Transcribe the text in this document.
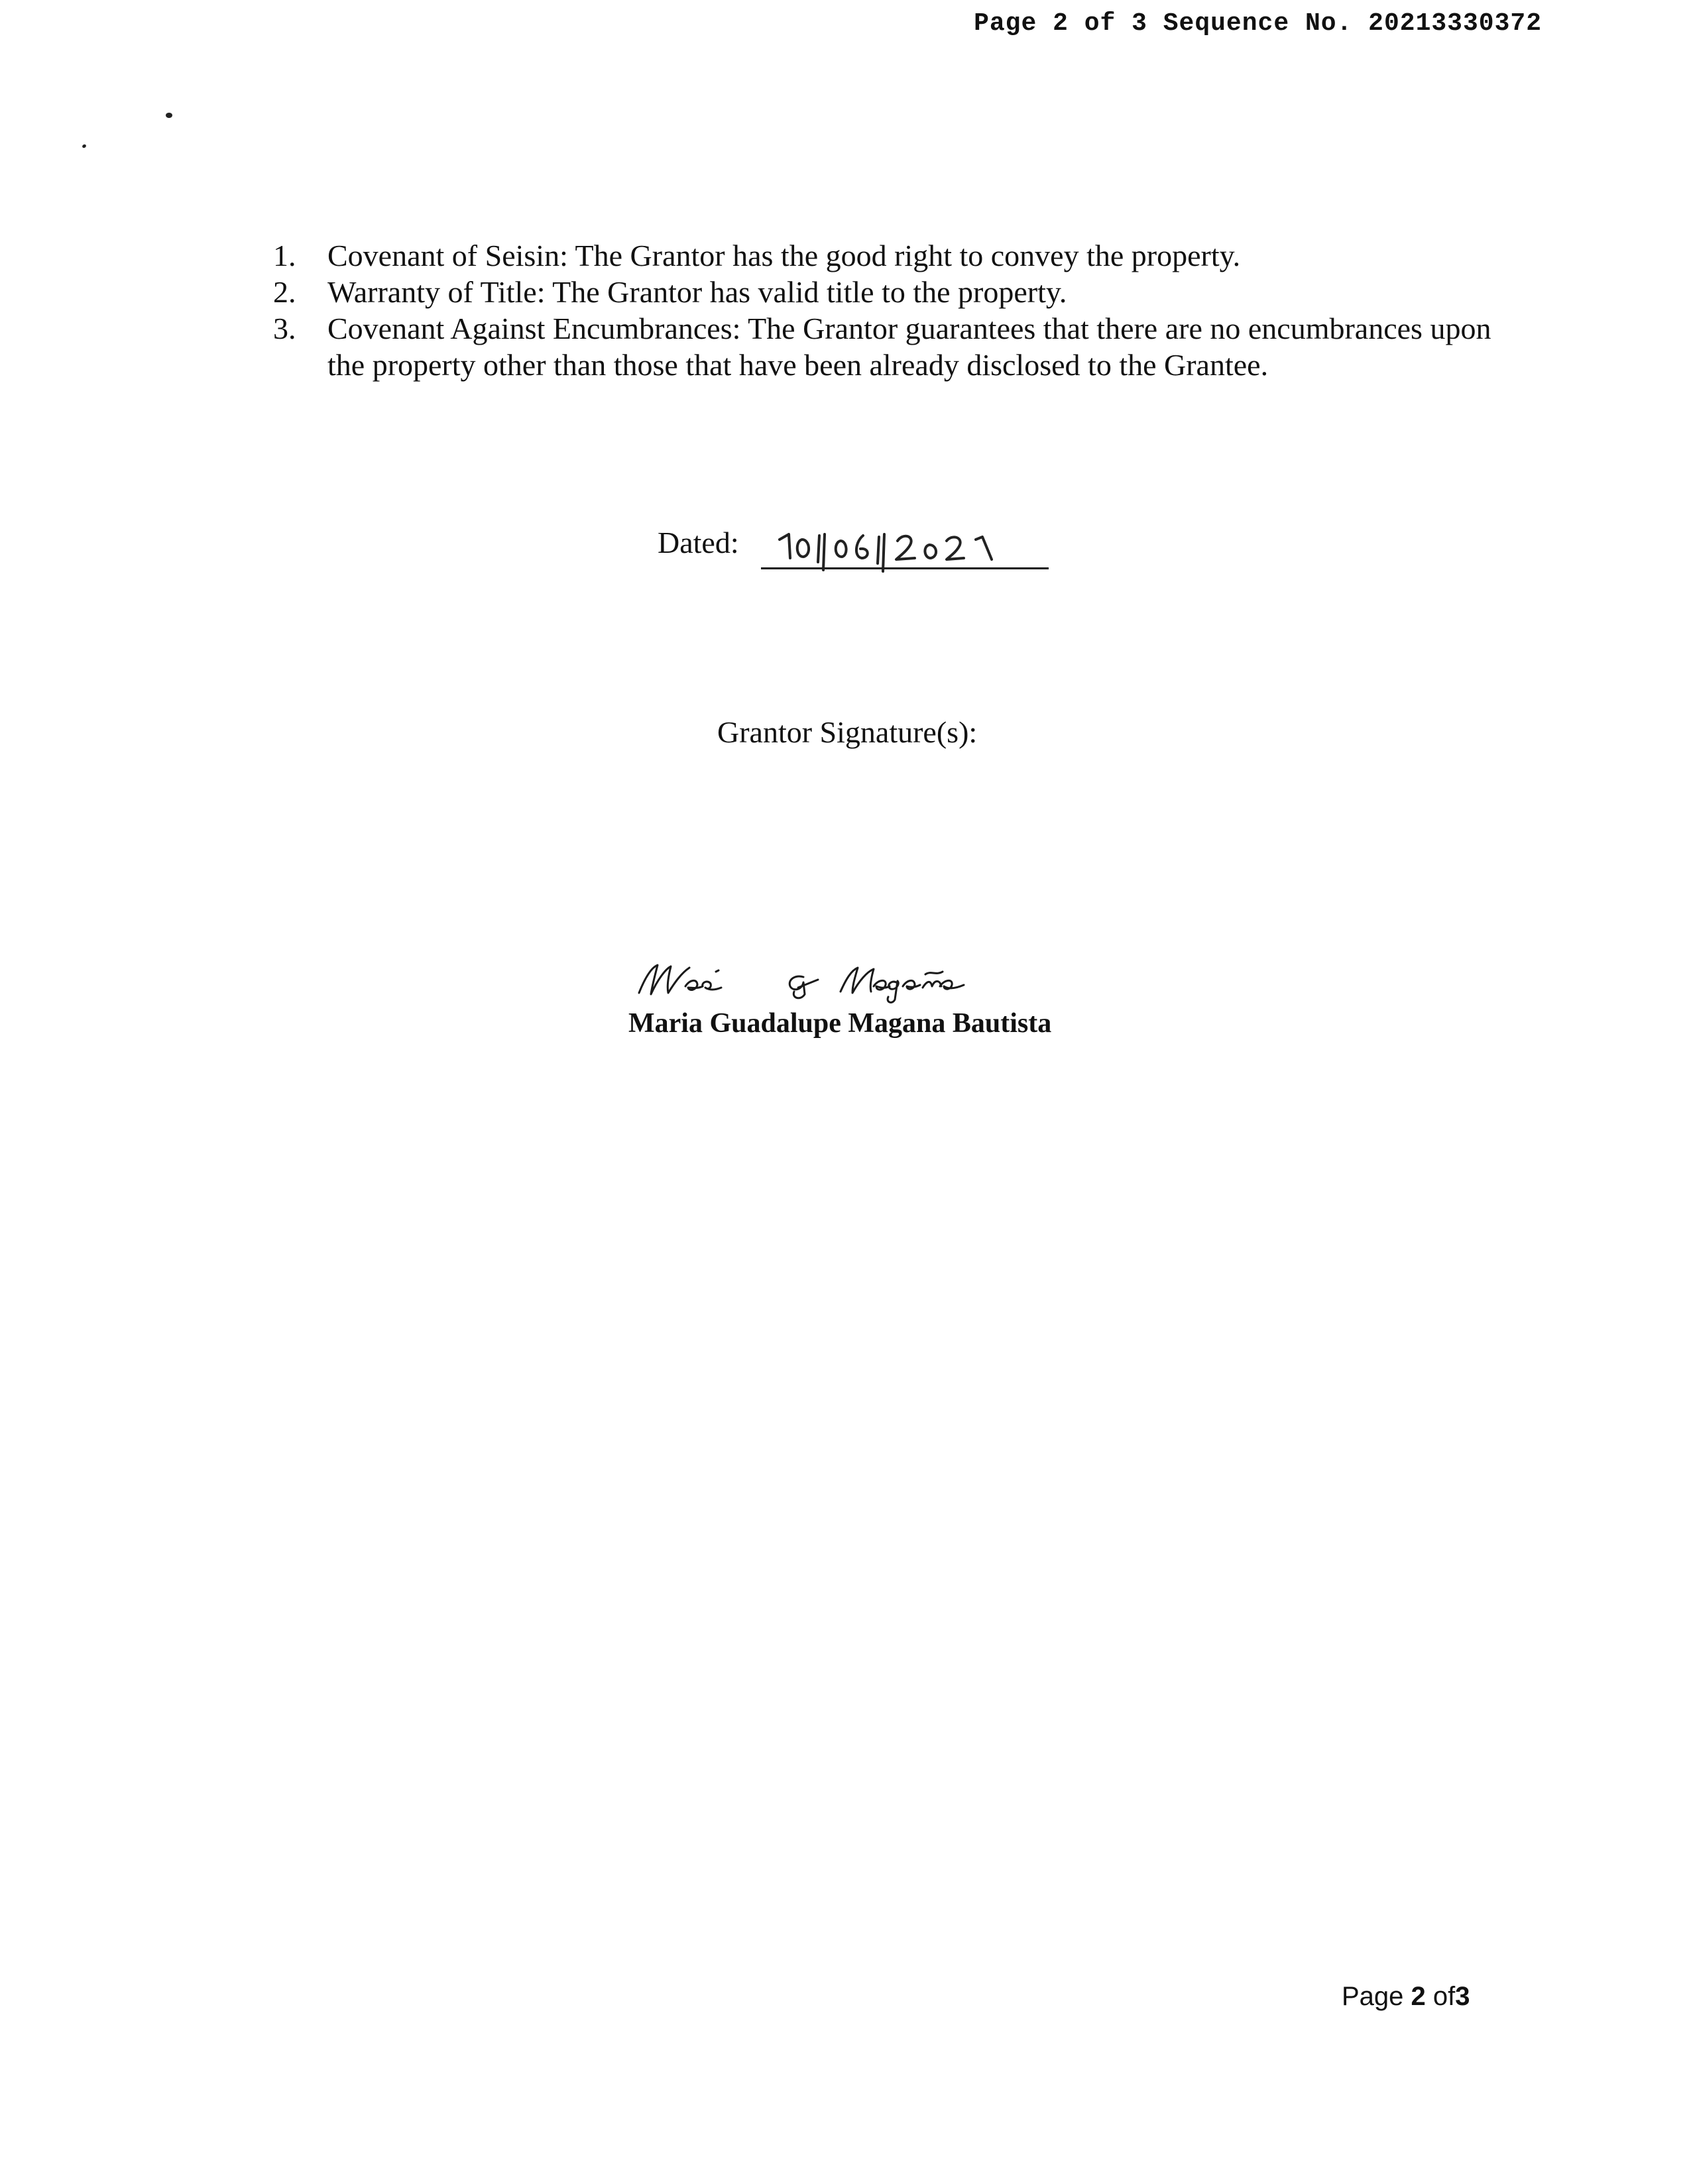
Page 2 of 3 Sequence No. 20213330372
1. Covenant of Seisin: The Grantor has the good right to convey the property.
2. Warranty of Title: The Grantor has valid title to the property.
3. Covenant Against Encumbrances: The Grantor guarantees that there are no encumbrances upon the property other than those that have been already disclosed to the Grantee.
Dated:
Grantor Signature(s):
Maria Guadalupe Magana Bautista
Page 2 of3
